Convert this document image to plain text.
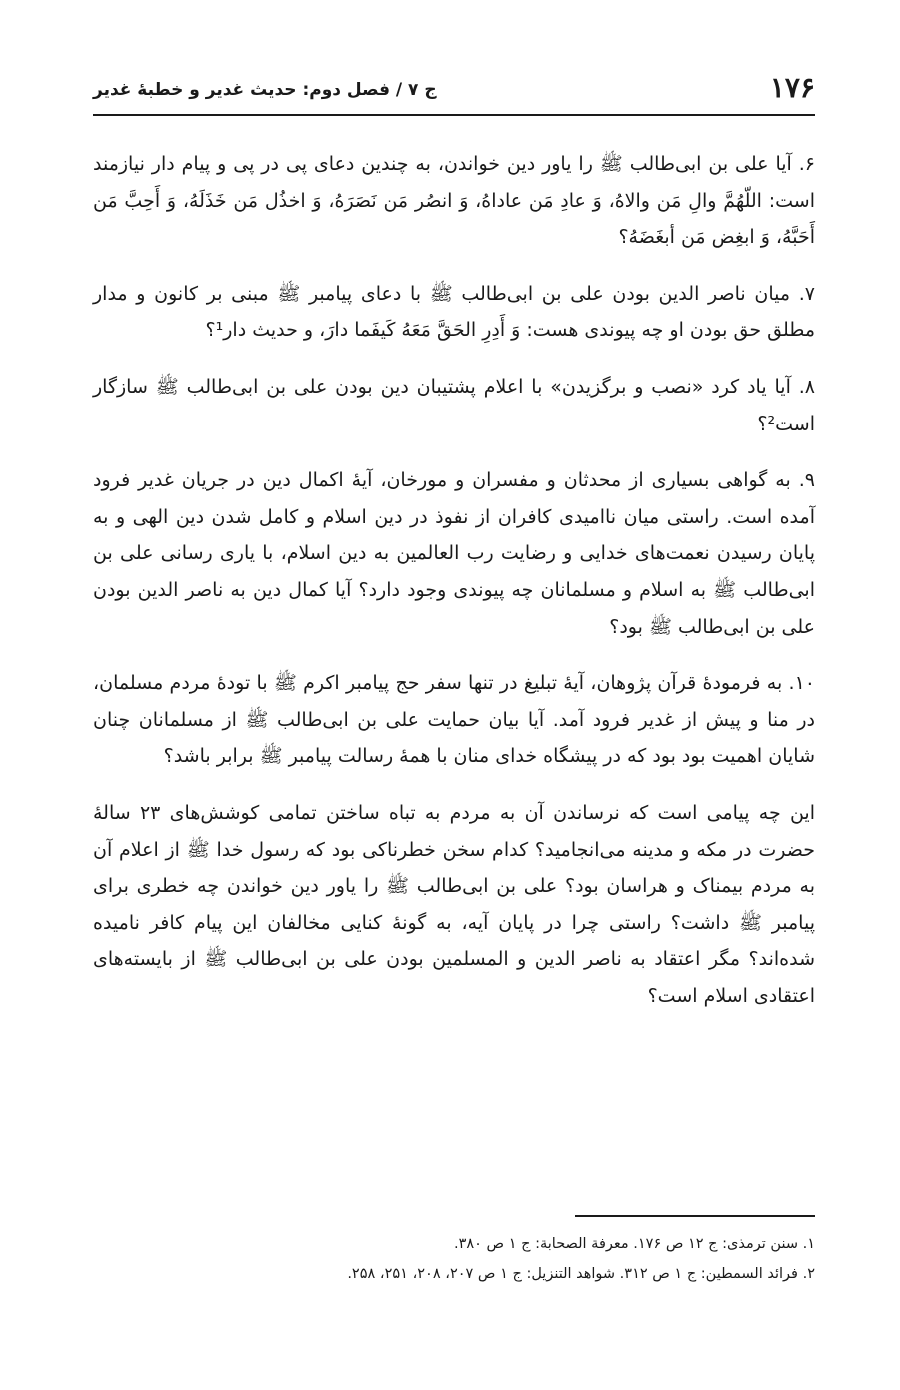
۱۷۶
ج ۷ / فصل دوم: حدیث غدیر و خطبهٔ غدیر

۶. آیا علی بن ابی‌طالب ﷺ را یاور دین خواندن، به چندین دعای پی در پی و پیام دار نیازمند است: اللّهُمَّ والِ مَن والاهُ، وَ عادِ مَن عاداهُ، وَ انصُر مَن نَصَرَهُ، وَ اخذُل مَن خَذَلَهُ، وَ أَحِبَّ مَن أَحَبَّهُ، وَ ابغِض مَن أبغَضَهُ؟

۷. میان ناصر الدین بودن علی بن ابی‌طالب ﷺ با دعای پیامبر ﷺ مبنی بر کانون و مدار مطلق حق بودن او چه پیوندی هست: وَ أَدِرِ الحَقَّ مَعَهُ کَیفَما دارَ، و حدیث دار¹؟

۸. آیا یاد کرد «نصب و برگزیدن» با اعلام پشتیبان دین بودن علی بن ابی‌طالب ﷺ سازگار است²؟

۹. به گواهی بسیاری از محدثان و مفسران و مورخان، آیهٔ اکمال دین در جریان غدیر فرود آمده است. راستی میان ناامیدی کافران از نفوذ در دین اسلام و کامل شدن دین الهی و به پایان رسیدن نعمت‌های خدایی و رضایت رب العالمین به دین اسلام، با یاری رسانی علی بن ابی‌طالب ﷺ به اسلام و مسلمانان چه پیوندی وجود دارد؟ آیا کمال دین به ناصر الدین بودن علی بن ابی‌طالب ﷺ بود؟

۱۰. به فرمودهٔ قرآن پژوهان، آیهٔ تبلیغ در تنها سفر حج پیامبر اکرم ﷺ با تودهٔ مردم مسلمان، در منا و پیش از غدیر فرود آمد. آیا بیان حمایت علی بن ابی‌طالب ﷺ از مسلمانان چنان شایان اهمیت بود بود که در پیشگاه خدای منان با همهٔ رسالت پیامبر ﷺ برابر باشد؟

این چه پیامی است که نرساندن آن به مردم به تباه ساختن تمامی کوشش‌های ۲۳ سالهٔ حضرت در مکه و مدینه می‌انجامید؟ کدام سخن خطرناکی بود که رسول خدا ﷺ از اعلام آن به مردم بیمناک و هراسان بود؟ علی بن ابی‌طالب ﷺ را یاور دین خواندن چه خطری برای پیامبر ﷺ داشت؟ راستی چرا در پایان آیه، به گونهٔ کنایی مخالفان این پیام کافر نامیده شده‌اند؟ مگر اعتقاد به ناصر الدین و المسلمین بودن علی بن ابی‌طالب ﷺ از بایسته‌های اعتقادی اسلام است؟

۱. سنن ترمذی: ج ۱۲ ص ۱۷۶. معرفة الصحابة: ج ۱ ص ۳۸۰.

۲. فرائد السمطین: ج ۱ ص ۳۱۲. شواهد التنزیل: ج ۱ ص ۲۰۷، ۲۰۸، ۲۵۱، ۲۵۸.
